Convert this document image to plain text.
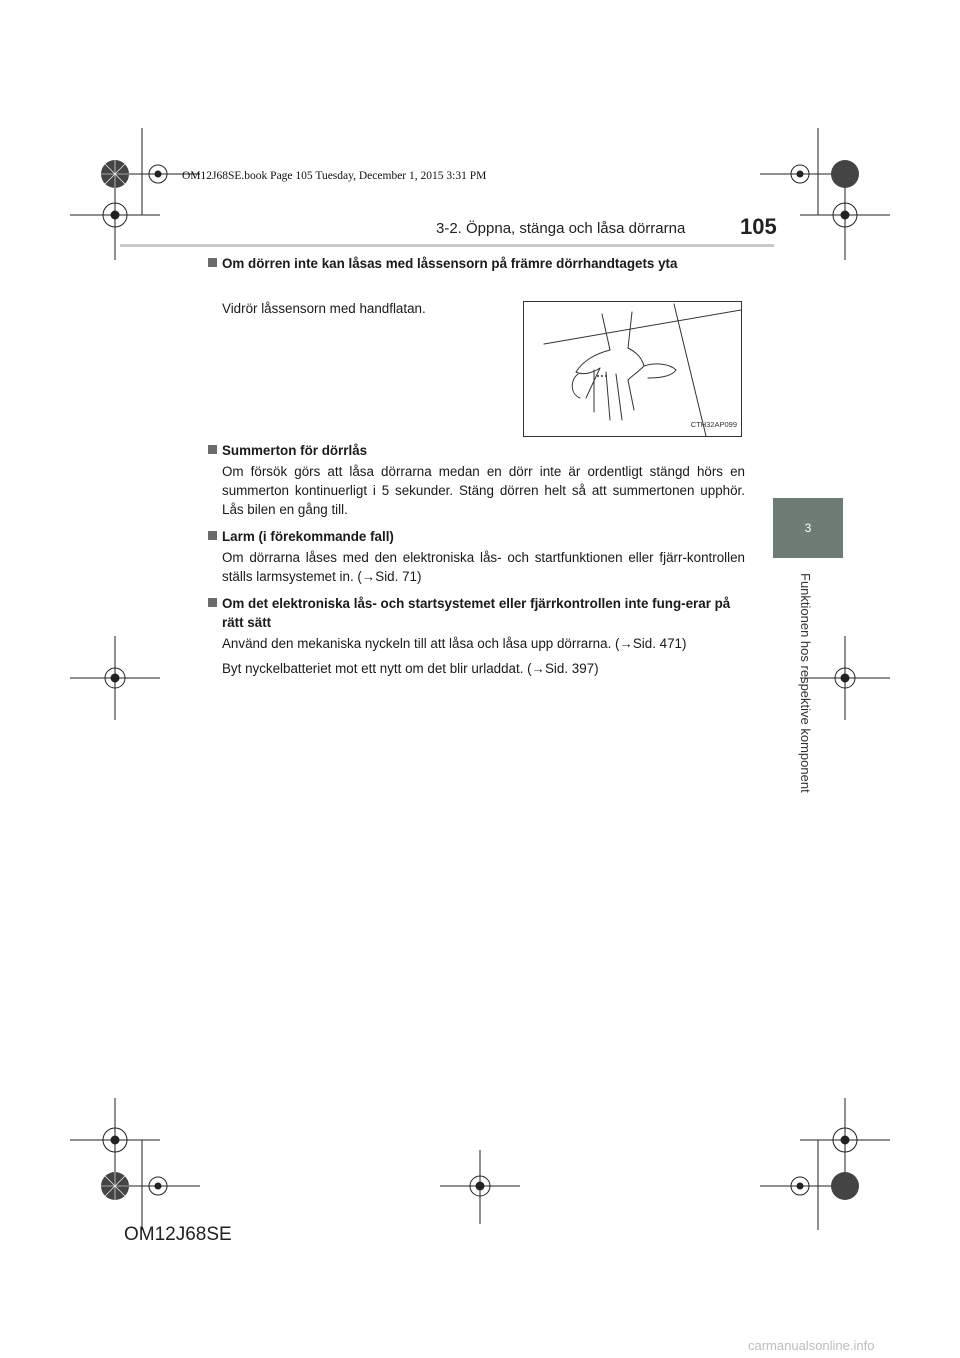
OM12J68SE.book Page 105 Tuesday, December 1, 2015 3:31 PM
3-2. Öppna, stänga och låsa dörrarna 105
3
Funktionen hos respektive komponent
Om dörren inte kan låsas med låssensorn på främre dörrhandtagets yta
Vidrör låssensorn med handflatan.
CTH32AP099
Summerton för dörrlås
Om försök görs att låsa dörrarna medan en dörr inte är ordentligt stängd hörs en summerton kontinuerligt i 5 sekunder. Stäng dörren helt så att summertonen upphör. Lås bilen en gång till.
Larm (i förekommande fall)
Om dörrarna låses med den elektroniska lås- och startfunktionen eller fjärr-kontrollen ställs larmsystemet in. (→Sid. 71)
Om det elektroniska lås- och startsystemet eller fjärrkontrollen inte fung-erar på rätt sätt
Använd den mekaniska nyckeln till att låsa och låsa upp dörrarna. (→Sid. 471)
Byt nyckelbatteriet mot ett nytt om det blir urladdat. (→Sid. 397)
OM12J68SE
carmanualsonline.info
